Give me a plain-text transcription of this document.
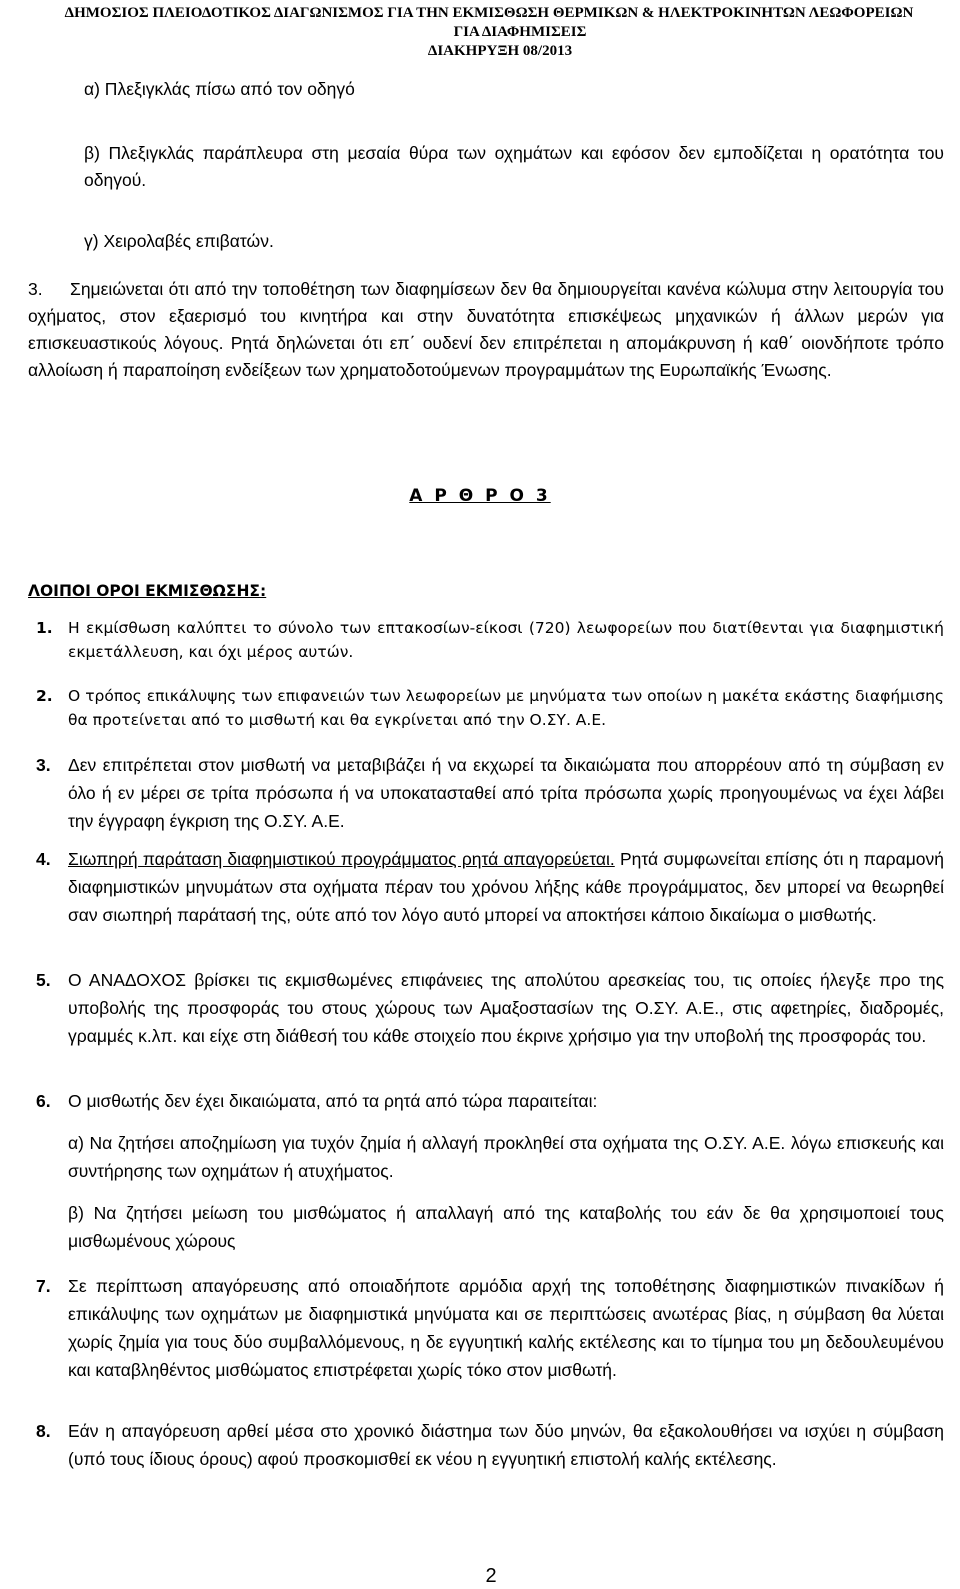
ΔΗΜΟΣΙΟΣ ΠΛΕΙΟΔΟΤΙΚΟΣ ΔΙΑΓΩΝΙΣΜΟΣ ΓΙΑ ΤΗΝ ΕΚΜΙΣΘΩΣΗ ΘΕΡΜΙΚΩΝ & ΗΛΕΚΤΡΟΚΙΝΗΤΩΝ ΛΕΩΦΟΡΕΙΩΝ
ΓΙΑ ΔΙΑΦΗΜΙΣΕΙΣ
ΔΙΑΚΗΡΥΞΗ 08/2013
α) Πλεξιγκλάς πίσω από τον οδηγό
β) Πλεξιγκλάς παράπλευρα στη μεσαία θύρα των οχημάτων και εφόσον δεν εμποδίζεται η ορατότητα του οδηγού.
γ) Χειρολαβές επιβατών.
3. Σημειώνεται ότι από την τοποθέτηση των διαφημίσεων δεν θα δημιουργείται κανένα κώλυμα στην λειτουργία του οχήματος, στον εξαερισμό του κινητήρα και στην δυνατότητα επισκέψεως μηχανικών ή άλλων μερών για επισκευαστικούς λόγους. Ρητά δηλώνεται ότι επ΄ ουδενί δεν επιτρέπεται η απομάκρυνση ή καθ΄ οιονδήποτε τρόπο αλλοίωση ή παραποίηση ενδείξεων των χρηματοδοτούμενων προγραμμάτων της Ευρωπαϊκής Ένωσης.
Α Ρ Θ Ρ Ο 3
ΛΟΙΠΟΙ ΟΡΟΙ ΕΚΜΙΣΘΩΣΗΣ:
1. Η εκμίσθωση καλύπτει το σύνολο των επτακοσίων-είκοσι (720) λεωφορείων που διατίθενται για διαφημιστική εκμετάλλευση, και όχι μέρος αυτών.
2. Ο τρόπος επικάλυψης των επιφανειών των λεωφορείων με μηνύματα των οποίων η μακέτα εκάστης διαφήμισης θα προτείνεται από το μισθωτή και θα εγκρίνεται από την Ο.ΣΥ. Α.Ε.
3. Δεν επιτρέπεται στον μισθωτή να μεταβιβάζει ή να εκχωρεί τα δικαιώματα που απορρέουν από τη σύμβαση εν όλο ή εν μέρει σε τρίτα πρόσωπα ή να υποκατασταθεί από τρίτα πρόσωπα χωρίς προηγουμένως να έχει λάβει την έγγραφη έγκριση της Ο.ΣΥ. Α.Ε.
4. Σιωπηρή παράταση διαφημιστικού προγράμματος ρητά απαγορεύεται. Ρητά συμφωνείται επίσης ότι η παραμονή διαφημιστικών μηνυμάτων στα οχήματα πέραν του χρόνου λήξης κάθε προγράμματος, δεν μπορεί να θεωρηθεί σαν σιωπηρή παράτασή της, ούτε από τον λόγο αυτό μπορεί να αποκτήσει κάποιο δικαίωμα ο μισθωτής.
5. Ο ΑΝΑΔΟΧΟΣ βρίσκει τις εκμισθωμένες επιφάνειες της απολύτου αρεσκείας του, τις οποίες ήλεγξε προ της υποβολής της προσφοράς του στους χώρους των Αμαξοστασίων της Ο.ΣΥ. Α.Ε., στις αφετηρίες, διαδρομές, γραμμές κ.λπ. και είχε στη διάθεσή του κάθε στοιχείο που έκρινε χρήσιμο για την υποβολή της προσφοράς του.
6. Ο μισθωτής δεν έχει δικαιώματα, από τα ρητά από τώρα παραιτείται:
α) Να ζητήσει αποζημίωση για τυχόν ζημία ή αλλαγή προκληθεί στα οχήματα της Ο.ΣΥ. Α.Ε. λόγω επισκευής και συντήρησης των οχημάτων ή ατυχήματος.
β) Να ζητήσει μείωση του μισθώματος ή απαλλαγή από της καταβολής του εάν δε θα χρησιμοποιεί τους μισθωμένους χώρους
7. Σε περίπτωση απαγόρευσης από οποιαδήποτε αρμόδια αρχή της τοποθέτησης διαφημιστικών πινακίδων ή επικάλυψης των οχημάτων με διαφημιστικά μηνύματα και σε περιπτώσεις ανωτέρας βίας, η σύμβαση θα λύεται χωρίς ζημία για τους δύο συμβαλλόμενους, η δε εγγυητική καλής εκτέλεσης και το τίμημα του μη δεδουλευμένου και καταβληθέντος μισθώματος επιστρέφεται χωρίς τόκο στον μισθωτή.
8. Εάν η απαγόρευση αρθεί μέσα στο χρονικό διάστημα των δύο μηνών, θα εξακολουθήσει να ισχύει η σύμβαση (υπό τους ίδιους όρους) αφού προσκομισθεί εκ νέου η εγγυητική επιστολή καλής εκτέλεσης.
2
